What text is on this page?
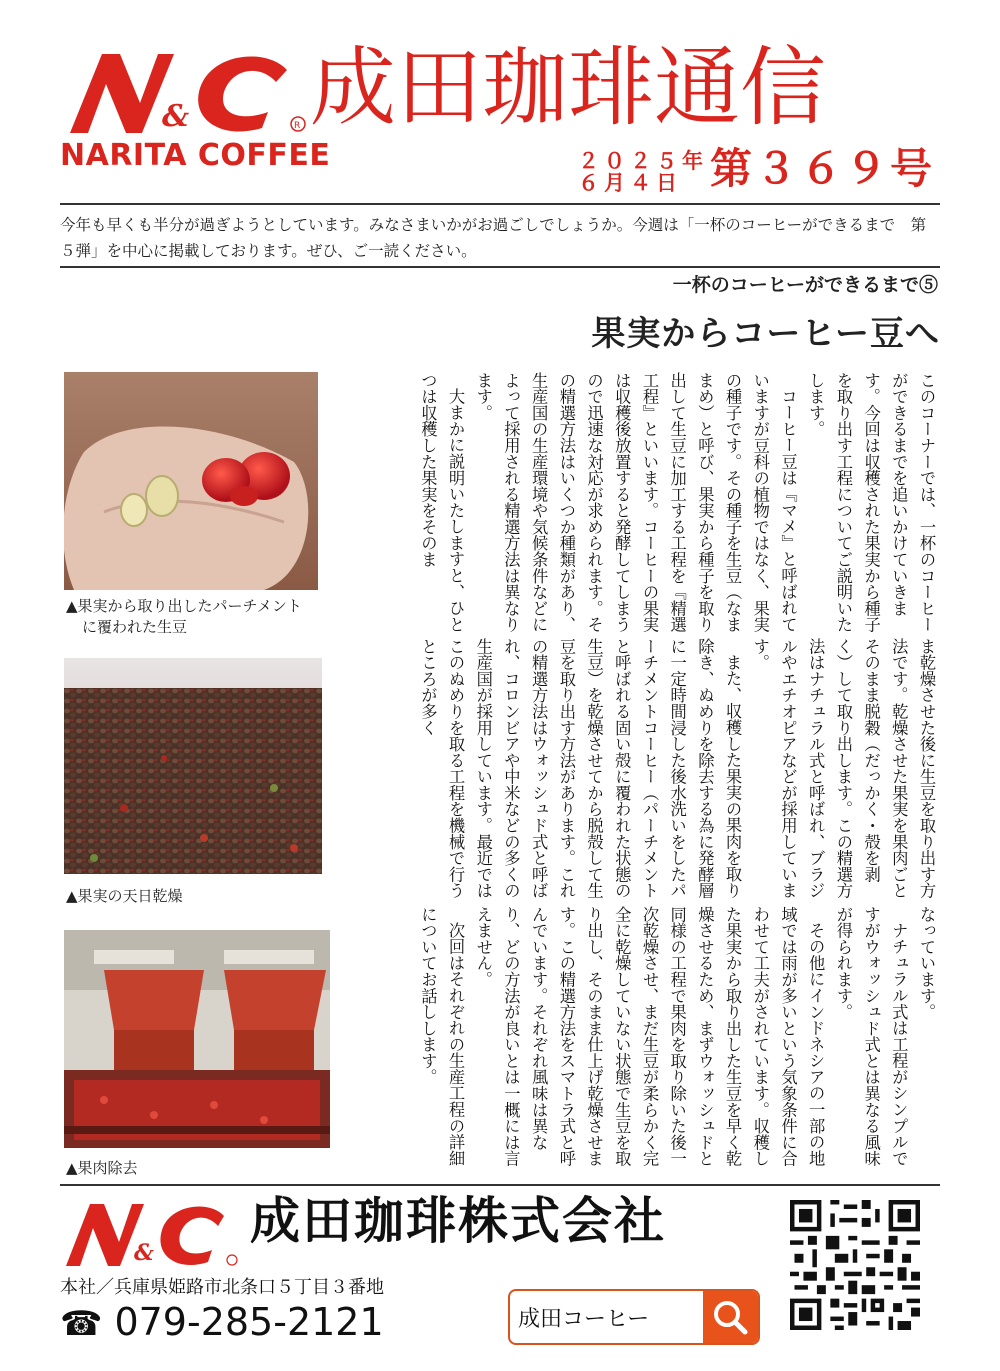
&	R
NARITA COFFEE
成田珈琲通信
２０２５年
６月４日 第３６９号
今年も早くも半分が過ぎようとしています。みなさまいかがお過ごしでしょうか。今週は「一杯のコーヒーができるまで　第５弾」を中心に掲載しております。ぜひ、ご一読ください。
一杯のコーヒーができるまで⑤
果実からコーヒー豆へ
▲果実から取り出したパーチメント
に覆われた生豆
▲果実の天日乾燥
▲果肉除去

このコーナーでは、一杯のコーヒーができるまでを追いかけていきます。今回は収穫された果実から種子を取り出す工程についてご説明いたします。

コーヒー豆は『マメ』と呼ばれていますが豆科の植物ではなく、果実の種子です。その種子を生豆（なままめ）と呼び、果実から種子を取り出して生豆に加工する工程を『精選工程』といいます。コーヒーの果実は収穫後放置すると発酵してしまうので迅速な対応が求められます。その精選方法はいくつか種類があり、生産国の生産環境や気候条件などによって採用される精選方法は異なります。

大まかに説明いたしますと、ひとつは収穫した果実をそのま

ま乾燥させた後に生豆を取り出す方法です。乾燥させた果実を果肉ごとそのまま脱穀（だっかく・殻を剥く）して取り出します。この精選方法はナチュラル式と呼ばれ、ブラジルやエチオピアなどが採用しています。

また、収穫した果実の果肉を取り除き、ぬめりを除去する為に発酵層に一定時間浸した後水洗いをしたパーチメントコーヒー（パーチメントと呼ばれる固い殻に覆われた状態の生豆）を乾燥させてから脱殻して生豆を取り出す方法があります。これの精選方法はウォッシュド式と呼ばれ、コロンビアや中米などの多くの生産国が採用しています。最近ではこのぬめりを取る工程を機械で行うところが多く

なっています。

ナチュラル式は工程がシンプルですがウォッシュド式とは異なる風味が得られます。

その他にインドネシアの一部の地域では雨が多いという気象条件に合わせて工夫がされています。収穫した果実から取り出した生豆を早く乾燥させるため、まずウォッシュドと同様の工程で果肉を取り除いた後一次乾燥させ、まだ生豆が柔らかく完全に乾燥していない状態で生豆を取り出し、そのまま仕上げ乾燥させます。この精選方法をスマトラ式と呼んでいます。それぞれ風味は異なり、どの方法が良いとは一概には言えません。

次回はそれぞれの生産工程の詳細についてお話しします。

&
成田珈琲株式会社
本社／兵庫県姫路市北条口５丁目３番地
☎ 079-285-2121	成田コーヒー
